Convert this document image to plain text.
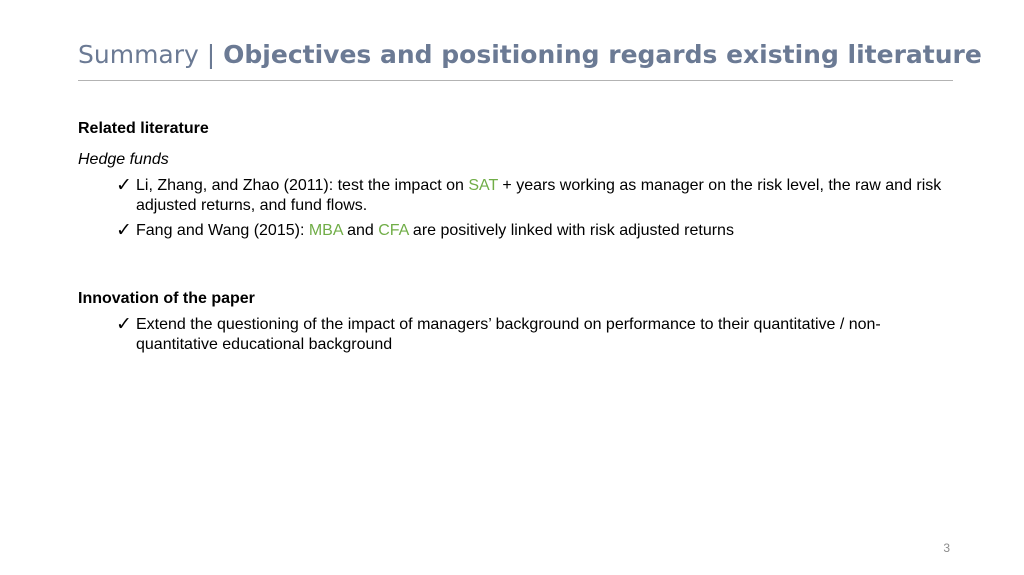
Summary | Objectives and positioning regards existing literature
Related literature
Hedge funds
✓ Li, Zhang, and Zhao (2011): test the impact on SAT + years working as manager on the risk level, the raw and risk adjusted returns, and fund flows.
✓ Fang and Wang (2015): MBA and CFA are positively linked with risk adjusted returns
Innovation of the paper
✓ Extend the questioning of the impact of managers’ background on performance to their quantitative / non-quantitative educational background
3
